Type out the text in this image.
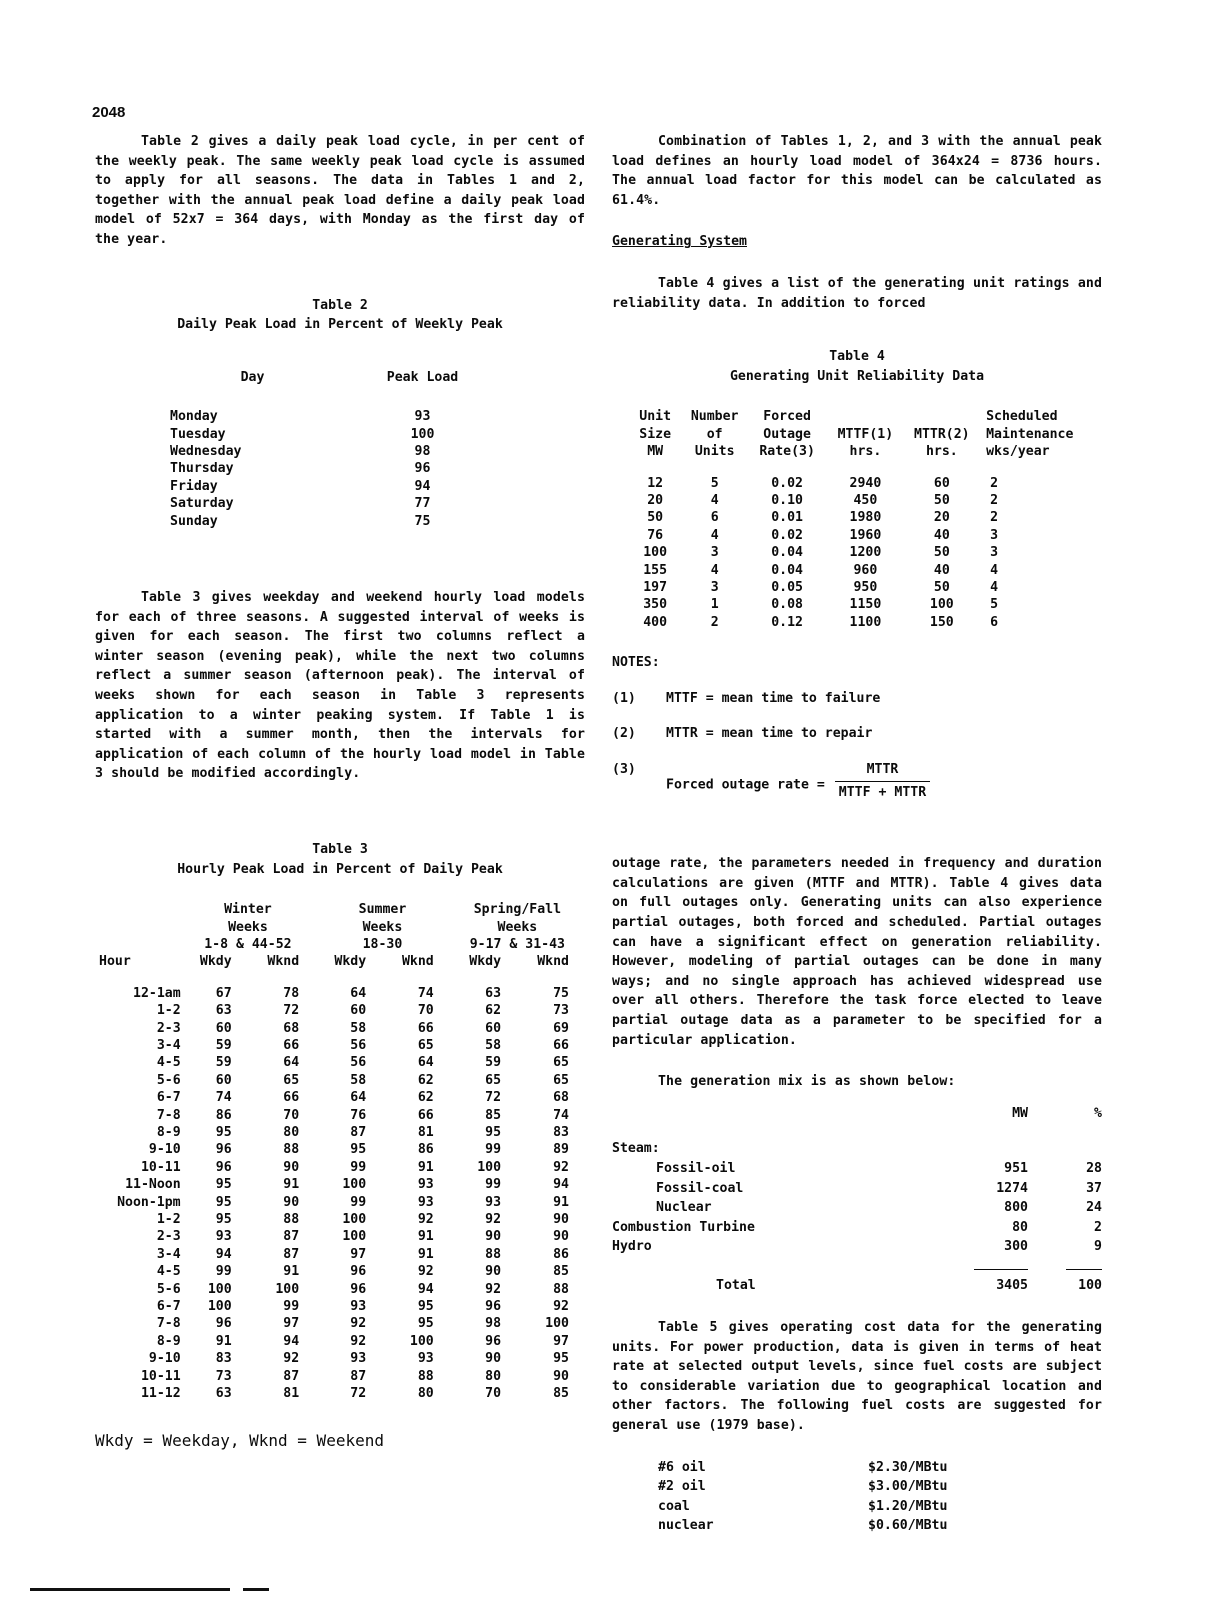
2048

Table 2 gives a daily peak load cycle, in per cent of the weekly peak. The same weekly peak load cycle is assumed to apply for all seasons. The data in Tables 1 and 2, together with the annual peak load define a daily peak load model of 52x7 = 364 days, with Monday as the first day of the year.

Table 2
Daily Peak Load in Percent of Weekly Peak
Day	Peak Load
Monday	93
Tuesday	100
Wednesday	98
Thursday	96
Friday	94
Saturday	77
Sunday	75

Table 3 gives weekday and weekend hourly load models for each of three seasons. A suggested interval of weeks is given for each season. The first two columns reflect a winter season (evening peak), while the next two columns reflect a summer season (afternoon peak). The interval of weeks shown for each season in Table 3 represents application to a winter peaking system. If Table 1 is started with a summer month, then the intervals for application of each column of the hourly load model in Table 3 should be modified accordingly.

Table 3
Hourly Peak Load in Percent of Daily Peak
	Winter		Summer		Spring/Fall	
	Weeks		Weeks		Weeks	
	1-8 & 44-52		18-30		9-17 & 31-43	
Hour	Wkdy	Wknd	Wkdy	Wknd	Wkdy	Wknd

12-1am	67	78	64	74	63	75
1-2	63	72	60	70	62	73
2-3	60	68	58	66	60	69
3-4	59	66	56	65	58	66
4-5	59	64	56	64	59	65
5-6	60	65	58	62	65	65
6-7	74	66	64	62	72	68
7-8	86	70	76	66	85	74
8-9	95	80	87	81	95	83
9-10	96	88	95	86	99	89
10-11	96	90	99	91	100	92
11-Noon	95	91	100	93	99	94
Noon-1pm	95	90	99	93	93	91
1-2	95	88	100	92	92	90
2-3	93	87	100	91	90	90
3-4	94	87	97	91	88	86
4-5	99	91	96	92	90	85
5-6	100	100	96	94	92	88
6-7	100	99	93	95	96	92
7-8	96	97	92	95	98	100
8-9	91	94	92	100	96	97
9-10	83	92	93	93	90	95
10-11	73	87	87	88	80	90
11-12	63	81	72	80	70	85
Wkdy = Weekday, Wknd = Weekend

Combination of Tables 1, 2, and 3 with the annual peak load defines an hourly load model of 364x24 = 8736 hours. The annual load factor for this model can be calculated as 61.4%.

Generating System

Table 4 gives a list of the generating unit ratings and reliability data. In addition to forced

Table 4
Generating Unit Reliability Data
Unit	Number	Forced			Scheduled
Size	of	Outage	MTTF(1)	MTTR(2)	Maintenance
MW	Units	Rate(3)	hrs.	hrs.	wks/year

12	5	0.02	2940	60	2
20	4	0.10	450	50	2
50	6	0.01	1980	20	2
76	4	0.02	1960	40	3
100	3	0.04	1200	50	3
155	4	0.04	960	40	4
197	3	0.05	950	50	4
350	1	0.08	1150	100	5
400	2	0.12	1100	150	6
NOTES:
(1)	MTTF = mean time to failure
(2)	MTTR = mean time to repair
(3)
Forced outage rate = $\frac{\text{MTTR}}{\text{MTTF + MTTR}}$

outage rate, the parameters needed in frequency and duration calculations are given (MTTF and MTTR). Table 4 gives data on full outages only. Generating units can also experience partial outages, both forced and scheduled. Partial outages can have a significant effect on generation reliability. However, modeling of partial outages can be done in many ways; and no single approach has achieved widespread use over all others. Therefore the task force elected to leave partial outage data as a parameter to be specified for a particular application.

The generation mix is as shown below:

	MW	%

Steam:		
Fossil-oil	951	28
Fossil-coal	1274	37
Nuclear	800	24
Combustion Turbine	80	2
Hydro	300	9

Total	3405	100

Table 5 gives operating cost data for the generating units. For power production, data is given in terms of heat rate at selected output levels, since fuel costs are subject to considerable variation due to geographical location and other factors. The following fuel costs are suggested for general use (1979 base).

#6 oil	$2.30/MBtu
#2 oil	$3.00/MBtu
coal	$1.20/MBtu
nuclear	$0.60/MBtu
